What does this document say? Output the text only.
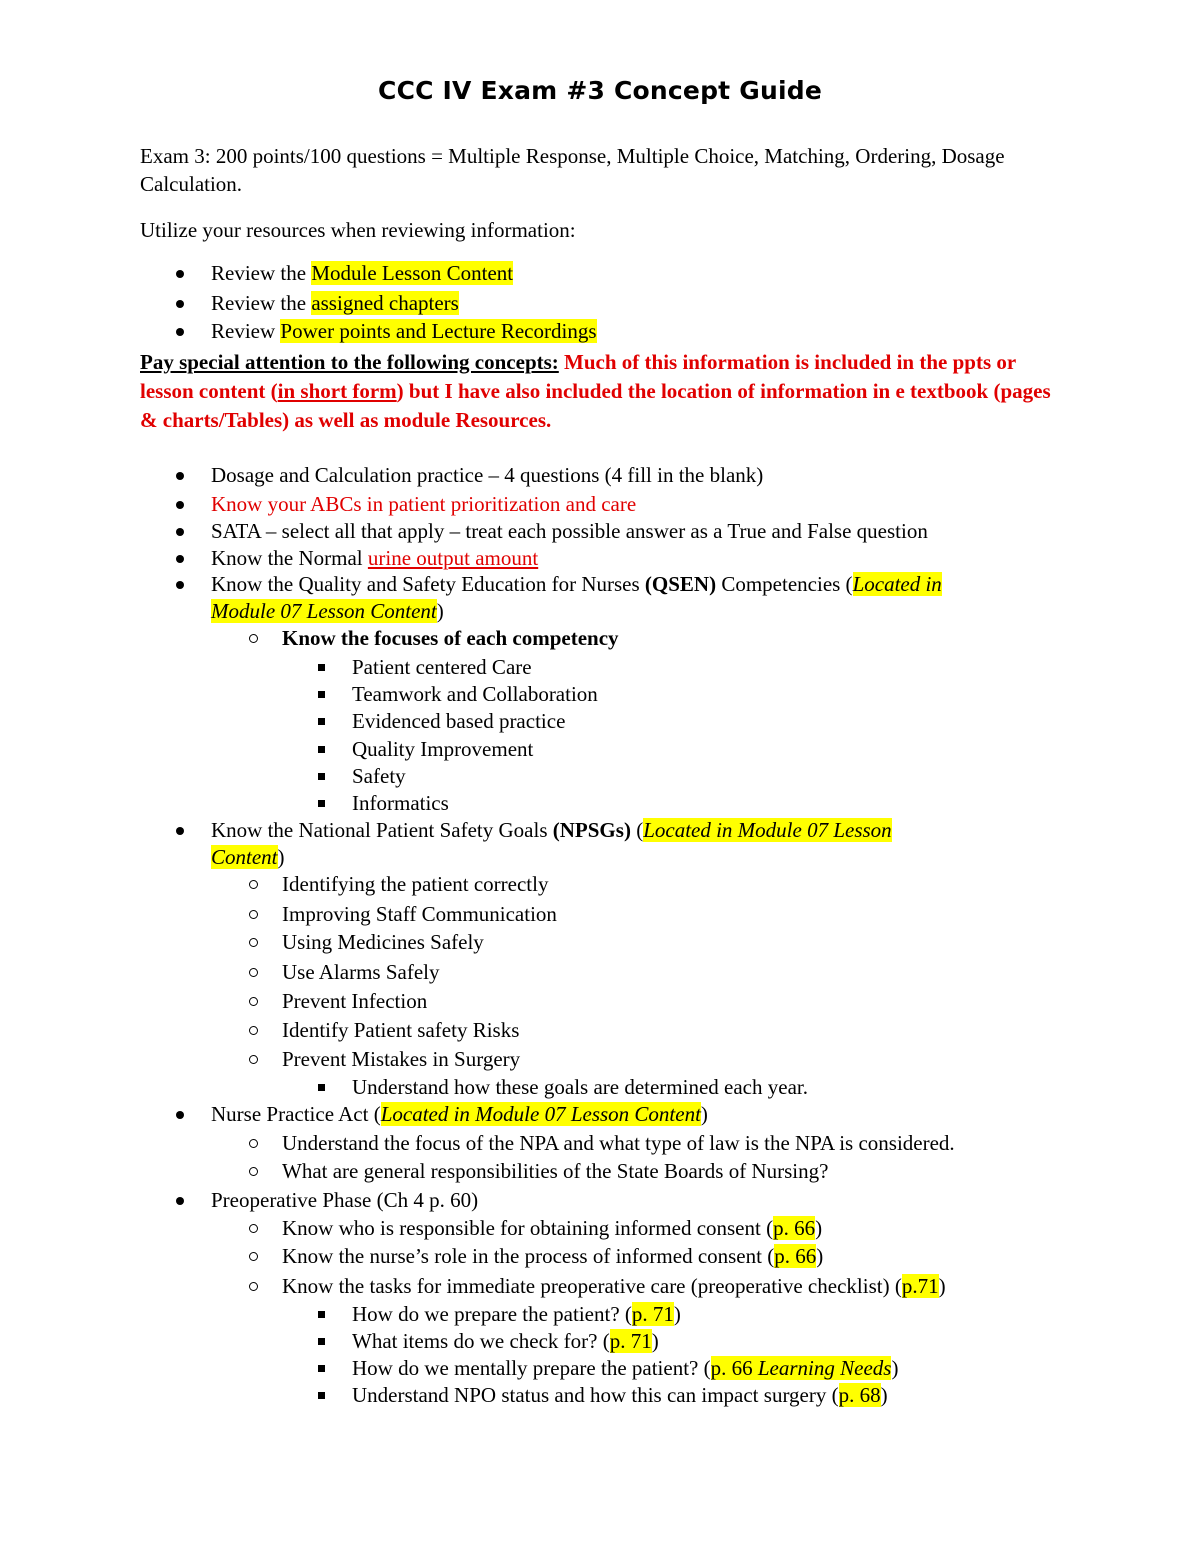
CCC IV Exam #3 Concept Guide
Exam 3: 200 points/100 questions = Multiple Response, Multiple Choice, Matching, Ordering, Dosage Calculation.
Utilize your resources when reviewing information:
Review the Module Lesson Content
Review the assigned chapters
Review Power points and Lecture Recordings
Pay special attention to the following concepts: Much of this information is included in the ppts or lesson content (in short form) but I have also included the location of information in e textbook (pages & charts/Tables) as well as module Resources.
Dosage and Calculation practice – 4 questions (4 fill in the blank)
Know your ABCs in patient prioritization and care
SATA – select all that apply – treat each possible answer as a True and False question
Know the Normal urine output amount
Know the Quality and Safety Education for Nurses (QSEN) Competencies (Located in
Module 07 Lesson Content)
Know the focuses of each competency
Patient centered Care
Teamwork and Collaboration
Evidenced based practice
Quality Improvement
Safety
Informatics
Know the National Patient Safety Goals (NPSGs) (Located in Module 07 Lesson
Content)
Identifying the patient correctly
Improving Staff Communication
Using Medicines Safely
Use Alarms Safely
Prevent Infection
Identify Patient safety Risks
Prevent Mistakes in Surgery
Understand how these goals are determined each year.
Nurse Practice Act (Located in Module 07 Lesson Content)
Understand the focus of the NPA and what type of law is the NPA is considered.
What are general responsibilities of the State Boards of Nursing?
Preoperative Phase (Ch 4 p. 60)
Know who is responsible for obtaining informed consent (p. 66)
Know the nurse’s role in the process of informed consent (p. 66)
Know the tasks for immediate preoperative care (preoperative checklist) (p.71)
How do we prepare the patient? (p. 71)
What items do we check for? (p. 71)
How do we mentally prepare the patient? (p. 66 Learning Needs)
Understand NPO status and how this can impact surgery (p. 68)
